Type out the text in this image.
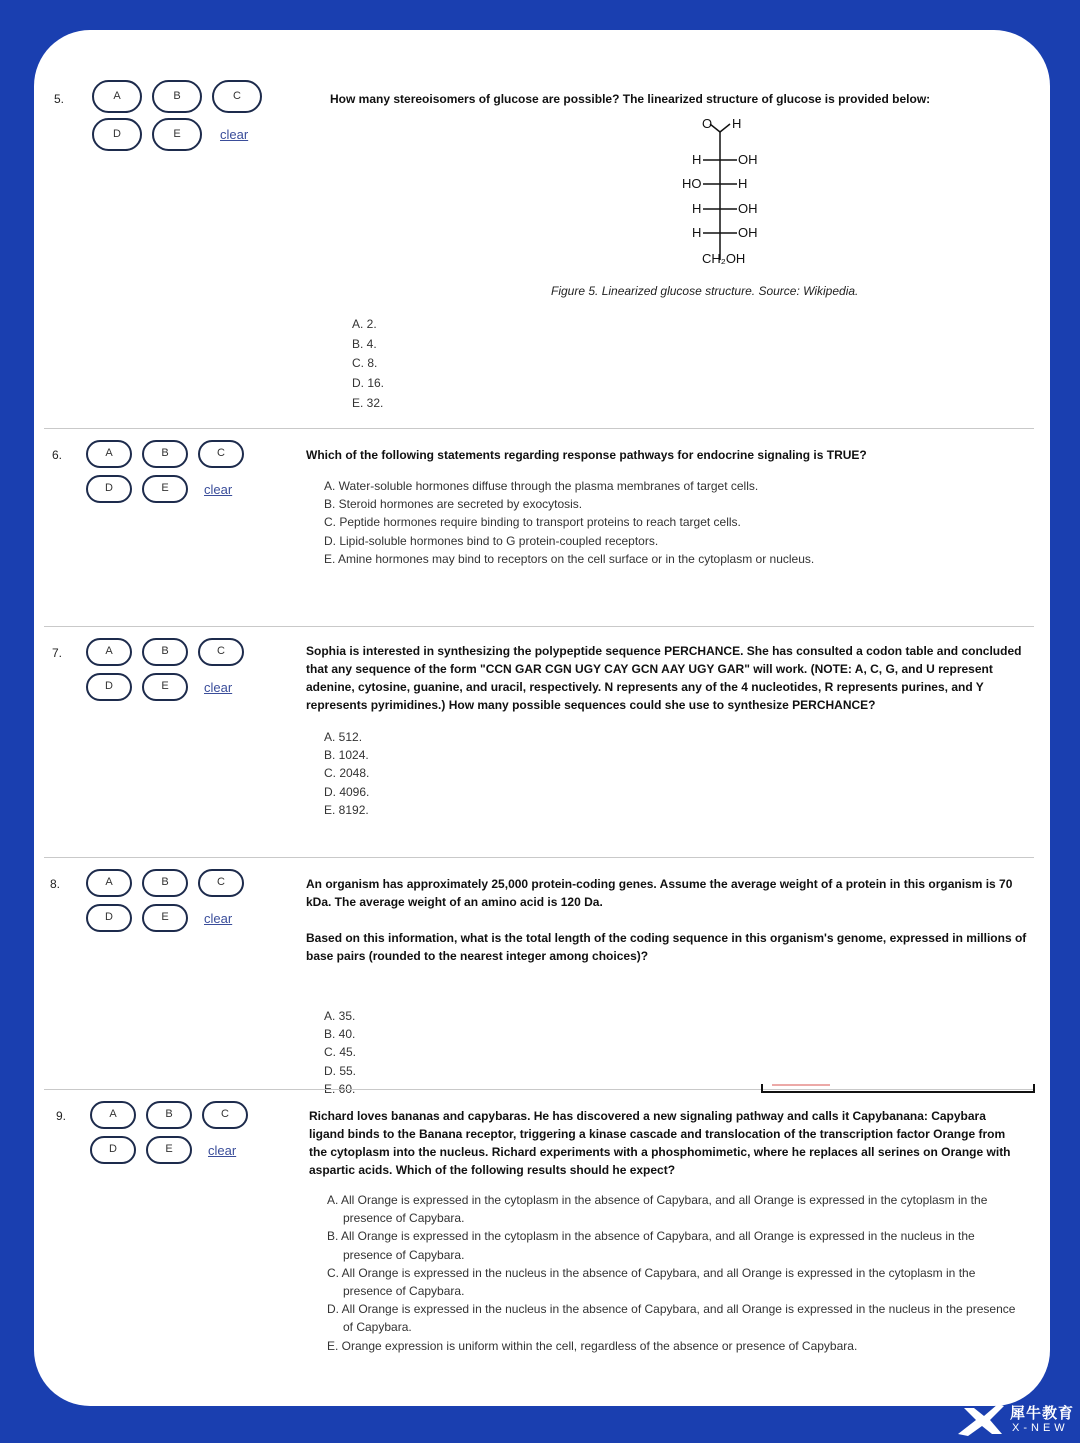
5.	A	B	C
D	E	clear
How many stereoisomers of glucose are possible? The linearized structure of glucose is provided below:
O H
H	OH
HO	H
H	OH
H	OH
CH₂OH
Figure 5. Linearized glucose structure. Source: Wikipedia.
A. 2.
B. 4.
C. 8.
D. 16.
E. 32.
6.	A	B	C
D	E	clear
Which of the following statements regarding response pathways for endocrine signaling is TRUE?
A. Water-soluble hormones diffuse through the plasma membranes of target cells.
B. Steroid hormones are secreted by exocytosis.
C. Peptide hormones require binding to transport proteins to reach target cells.
D. Lipid-soluble hormones bind to G protein-coupled receptors.
E. Amine hormones may bind to receptors on the cell surface or in the cytoplasm or nucleus.
7.	A	B	C
D	E	clear
Sophia is interested in synthesizing the polypeptide sequence PERCHANCE. She has consulted a codon table and concluded that any sequence of the form "CCN GAR CGN UGY CAY GCN AAY UGY GAR" will work. (NOTE: A, C, G, and U represent adenine, cytosine, guanine, and uracil, respectively. N represents any of the 4 nucleotides, R represents purines, and Y represents pyrimidines.) How many possible sequences could she use to synthesize PERCHANCE?
A. 512.
B. 1024.
C. 2048.
D. 4096.
E. 8192.
8.	A	B	C
D	E	clear
An organism has approximately 25,000 protein-coding genes. Assume the average weight of a protein in this organism is 70 kDa. The average weight of an amino acid is 120 Da.
Based on this information, what is the total length of the coding sequence in this organism's genome, expressed in millions of base pairs (rounded to the nearest integer among choices)?
A. 35.
B. 40.
C. 45.
D. 55.
E. 60.
9.	A	B	C
D	E	clear
Richard loves bananas and capybaras. He has discovered a new signaling pathway and calls it Capybanana: Capybara ligand binds to the Banana receptor, triggering a kinase cascade and translocation of the transcription factor Orange from the cytoplasm into the nucleus. Richard experiments with a phosphomimetic, where he replaces all serines on Orange with aspartic acids. Which of the following results should he expect?
A. All Orange is expressed in the cytoplasm in the absence of Capybara, and all Orange is expressed in the cytoplasm in the presence of Capybara.
B. All Orange is expressed in the cytoplasm in the absence of Capybara, and all Orange is expressed in the nucleus in the presence of Capybara.
C. All Orange is expressed in the nucleus in the absence of Capybara, and all Orange is expressed in the cytoplasm in the presence of Capybara.
D. All Orange is expressed in the nucleus in the absence of Capybara, and all Orange is expressed in the nucleus in the presence of Capybara.
E. Orange expression is uniform within the cell, regardless of the absence or presence of Capybara.
犀牛教育
X-NEW
